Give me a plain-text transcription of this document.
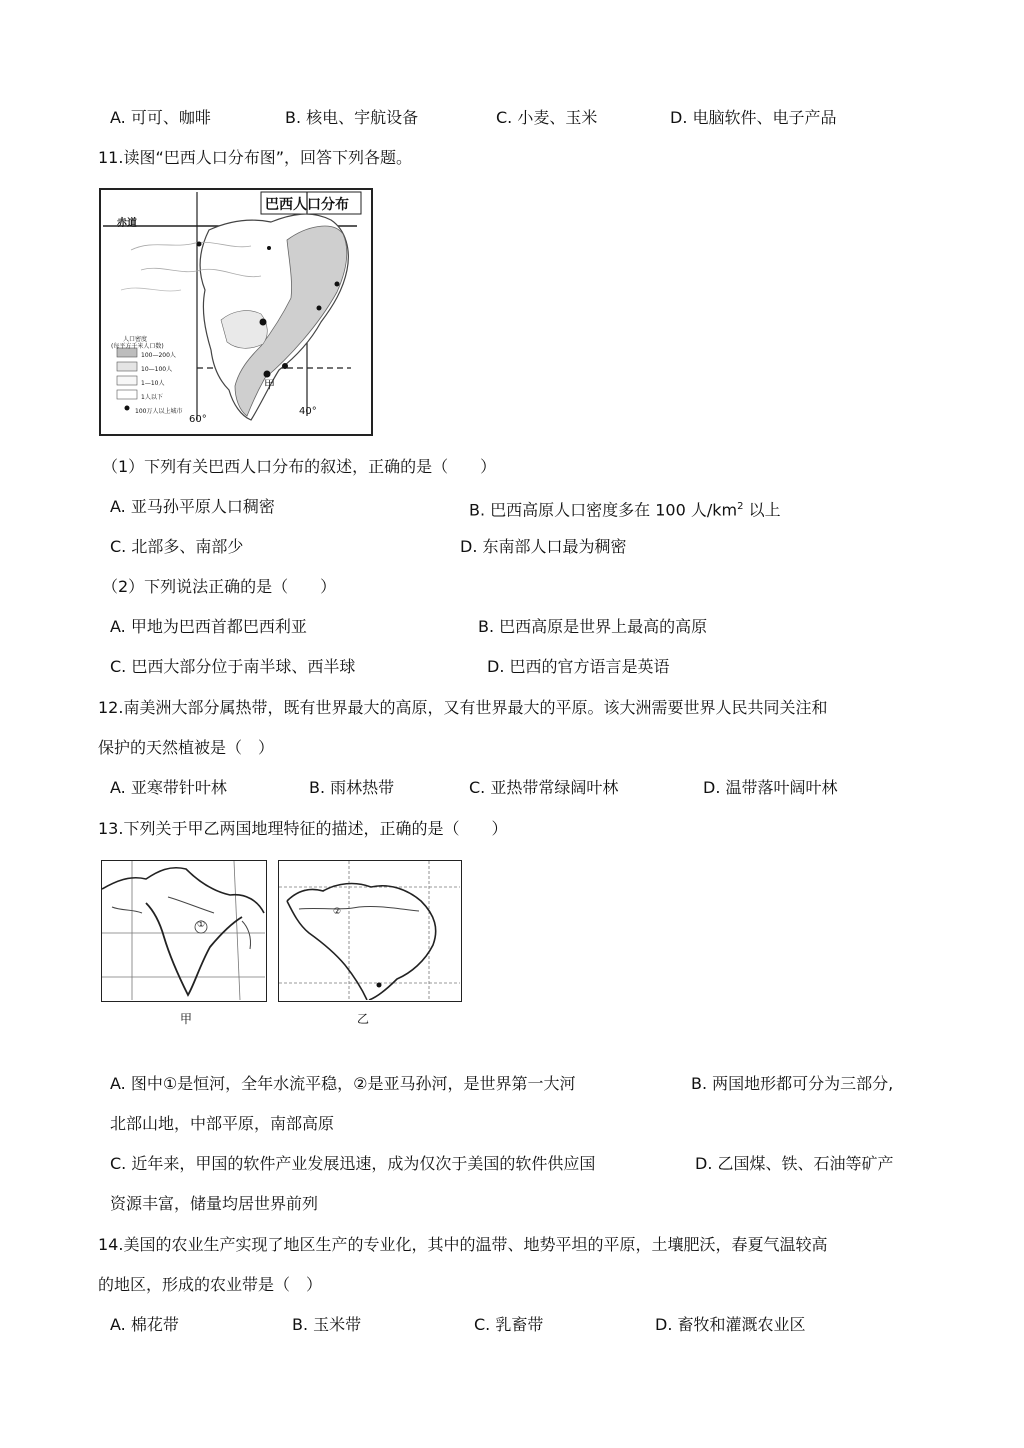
A. 可可、咖啡	B. 核电、宇航设备	C. 小麦、玉米	D. 电脑软件、电子产品
11.读图“巴西人口分布图”，回答下列各题。
巴西人口分布
赤道
60°
40°
甲
人口密度
(每平方千米人口数)
100—200人
10—100人
1—10人
1人以下
100万人以上城市
（1）下列有关巴西人口分布的叙述，正确的是（　　）
A. 亚马孙平原人口稠密	B. 巴西高原人口密度多在 100 人$/km^2$ 以上
C. 北部多、南部少	D. 东南部人口最为稠密
（2）下列说法正确的是（　　）
A. 甲地为巴西首都巴西利亚	B. 巴西高原是世界上最高的高原
C. 巴西大部分位于南半球、西半球	D. 巴西的官方语言是英语
12.南美洲大部分属热带，既有世界最大的高原，又有世界最大的平原。该大洲需要世界人民共同关注和
保护的天然植被是（　）
A. 亚寒带针叶林	B. 雨林热带	C. 亚热带常绿阔叶林	D. 温带落叶阔叶林
13.下列关于甲乙两国地理特征的描述，正确的是（　　）
①
甲
②
乙
A. 图中①是恒河，全年水流平稳，②是亚马孙河，是世界第一大河	B. 两国地形都可分为三部分,
北部山地，中部平原，南部高原
C. 近年来，甲国的软件产业发展迅速，成为仅次于美国的软件供应国	D. 乙国煤、铁、石油等矿产
资源丰富，储量均居世界前列
14.美国的农业生产实现了地区生产的专业化，其中的温带、地势平坦的平原，土壤肥沃，春夏气温较高
的地区，形成的农业带是（　）
A. 棉花带	B. 玉米带	C. 乳畜带	D. 畜牧和灌溉农业区
